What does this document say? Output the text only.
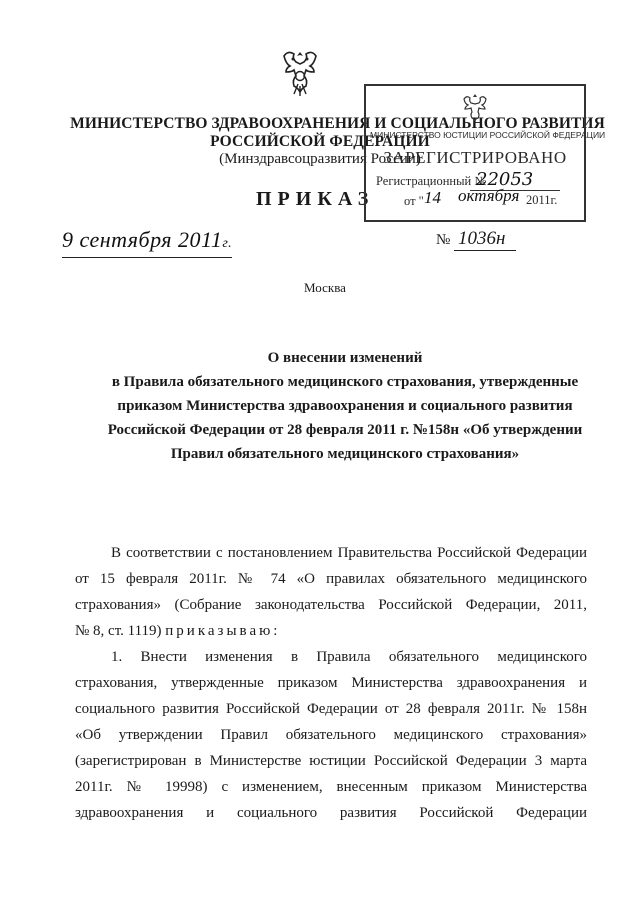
МИНИСТЕРСТВО ЗДРАВООХРАНЕНИЯ И СОЦИАЛЬНОГО РАЗВИТИЯ
РОССИЙСКОЙ ФЕДЕРАЦИИ
(Минздравсоцразвития России)
ПРИКАЗ
МИНИСТЕРСТВО ЮСТИЦИИ РОССИЙСКОЙ ФЕДЕРАЦИИ
ЗАРЕГИСТРИРОВАНО
Регистрационный №
22053
от " 14 октября 2011г.
9 сентября 2011г.	№ 1036н
Москва
О внесении изменений
в Правила обязательного медицинского страхования, утвержденные
приказом Министерства здравоохранения и социального развития
Российской Федерации от 28 февраля 2011 г. №158н «Об утверждении
Правил обязательного медицинского страхования»
В соответствии с постановлением Правительства Российской Федерации
от 15 февраля 2011г. № 74 «О правилах обязательного медицинского
страхования» (Собрание законодательства Российской Федерации, 2011,
№ 8, ст. 1119) приказываю:
1. Внести изменения в Правила обязательного медицинского
страхования, утвержденные приказом Министерства здравоохранения и
социального развития Российской Федерации от 28 февраля 2011г. № 158н
«Об утверждении Правил обязательного медицинского страхования»
(зарегистрирован в Министерстве юстиции Российской Федерации 3 марта
2011г. № 19998) с изменением, внесенным приказом Министерства
здравоохранения и социального развития Российской Федерации
